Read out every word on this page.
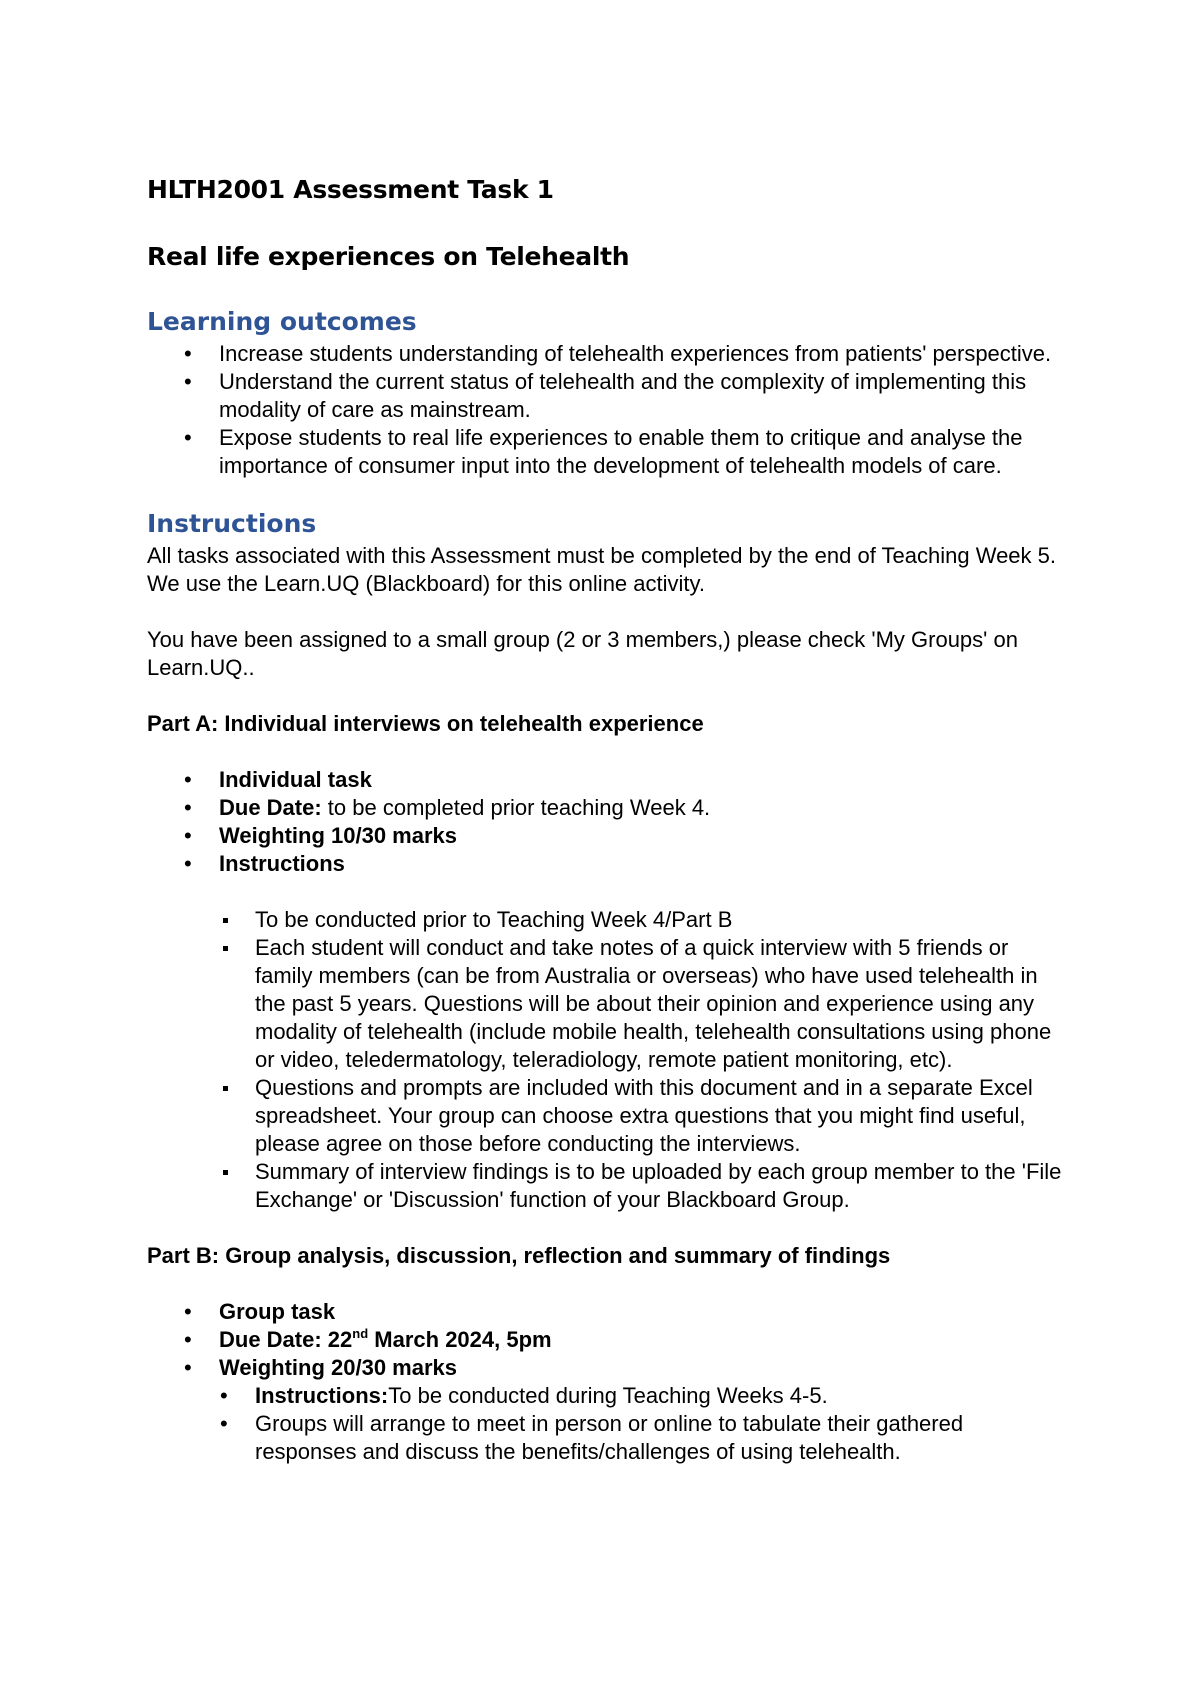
HLTH2001 Assessment Task 1
Real life experiences on Telehealth
Learning outcomes
• Increase students understanding of telehealth experiences from patients' perspective.
• Understand the current status of telehealth and the complexity of implementing this modality of care as mainstream.
• Expose students to real life experiences to enable them to critique and analyse the importance of consumer input into the development of telehealth models of care.
Instructions

All tasks associated with this Assessment must be completed by the end of Teaching Week 5. We use the Learn.UQ (Blackboard) for this online activity.

You have been assigned to a small group (2 or 3 members,) please check 'My Groups' on Learn.UQ..

Part A: Individual interviews on telehealth experience

• Individual task
• Due Date: to be completed prior teaching Week 4.
• Weighting 10/30 marks
• Instructions
To be conducted prior to Teaching Week 4/Part B
Each student will conduct and take notes of a quick interview with 5 friends or family members (can be from Australia or overseas) who have used telehealth in the past 5 years. Questions will be about their opinion and experience using any modality of telehealth (include mobile health, telehealth consultations using phone or video, teledermatology, teleradiology, remote patient monitoring, etc).
Questions and prompts are included with this document and in a separate Excel spreadsheet. Your group can choose extra questions that you might find useful, please agree on those before conducting the interviews.
Summary of interview findings is to be uploaded by each group member to the 'File Exchange' or 'Discussion' function of your Blackboard Group.

Part B: Group analysis, discussion, reflection and summary of findings

• Group task
• Due Date: 22nd March 2024, 5pm
• Weighting 20/30 marks
• Instructions:To be conducted during Teaching Weeks 4-5.
• Groups will arrange to meet in person or online to tabulate their gathered responses and discuss the benefits/challenges of using telehealth.
